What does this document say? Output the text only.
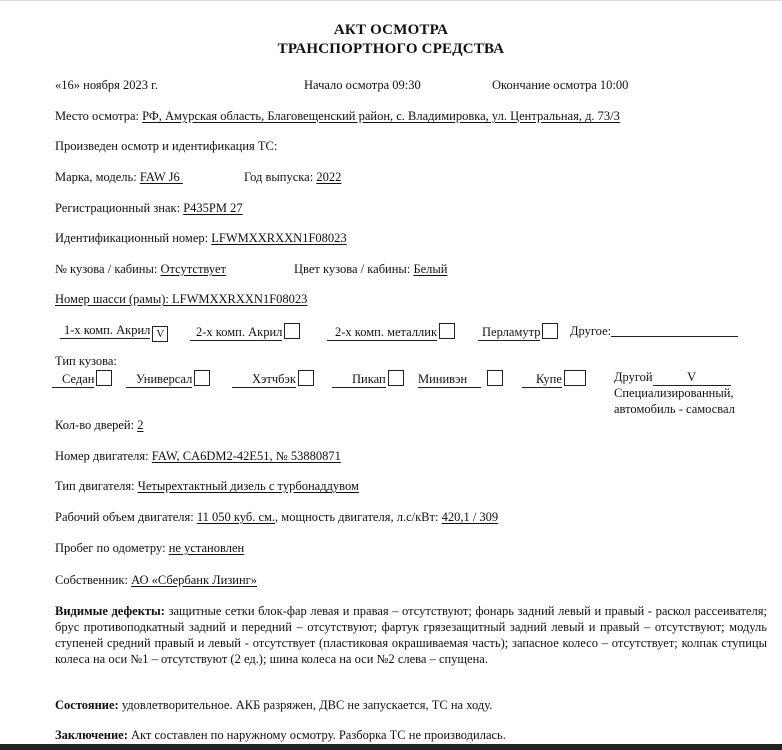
АКТ ОСМОТРА
ТРАНСПОРТНОГО СРЕДСТВА
«16» ноября 2023 г.	Начало осмотра 09:30	Окончание осмотра 10:00
Место осмотра: РФ, Амурская область, Благовещенский район, с. Владимировка, ул. Центральная, д. 73/3
Произведен осмотр и идентификация ТС:
Марка, модель: FAW J6	Год выпуска: 2022
Регистрационный знак: Р435РМ 27
Идентификационный номер: LFWMXXRXXN1F08023
№ кузова / кабины: Отсутствует	Цвет кузова / кабины: Белый
Номер шасси (рамы): LFWMXXRXXN1F08023
1-х комп. Акрил V	2-х комп. Акрил	2-х комп. металлик	Перламутр	Другое:
Тип кузова:
Седан	Универсал	Хэтчбэк	Пикап	Минивэн	Купе	Другой	V
Специализированный,
автомобиль - самосвал
Кол-во дверей: 2
Номер двигателя: FAW, CA6DM2-42E51, № 53880871
Тип двигателя: Четырехтактный дизель с турбонаддувом
Рабочий объем двигателя: 11 050 куб. см., мощность двигателя, л.с/кВт: 420,1 / 309
Пробег по одометру: не установлен
Собственник: АО «Сбербанк Лизинг»
Видимые дефекты: защитные сетки блок-фар левая и правая – отсутствуют; фонарь задний левый и правый - раскол рассеивателя; брус противоподкатный задний и передний – отсутствуют; фартук грязезащитный задний левый и правый – отсутствуют; модуль ступеней средний правый и левый - отсутствует (пластиковая окрашиваемая часть); запасное колесо – отсутствует; колпак ступицы колеса на оси №1 – отсутствуют (2 ед.); шина колеса на оси №2 слева – спущена.
Состояние: удовлетворительное. АКБ разряжен, ДВС не запускается, ТС на ходу.
Заключение: Акт составлен по наружному осмотру. Разборка ТС не производилась.
